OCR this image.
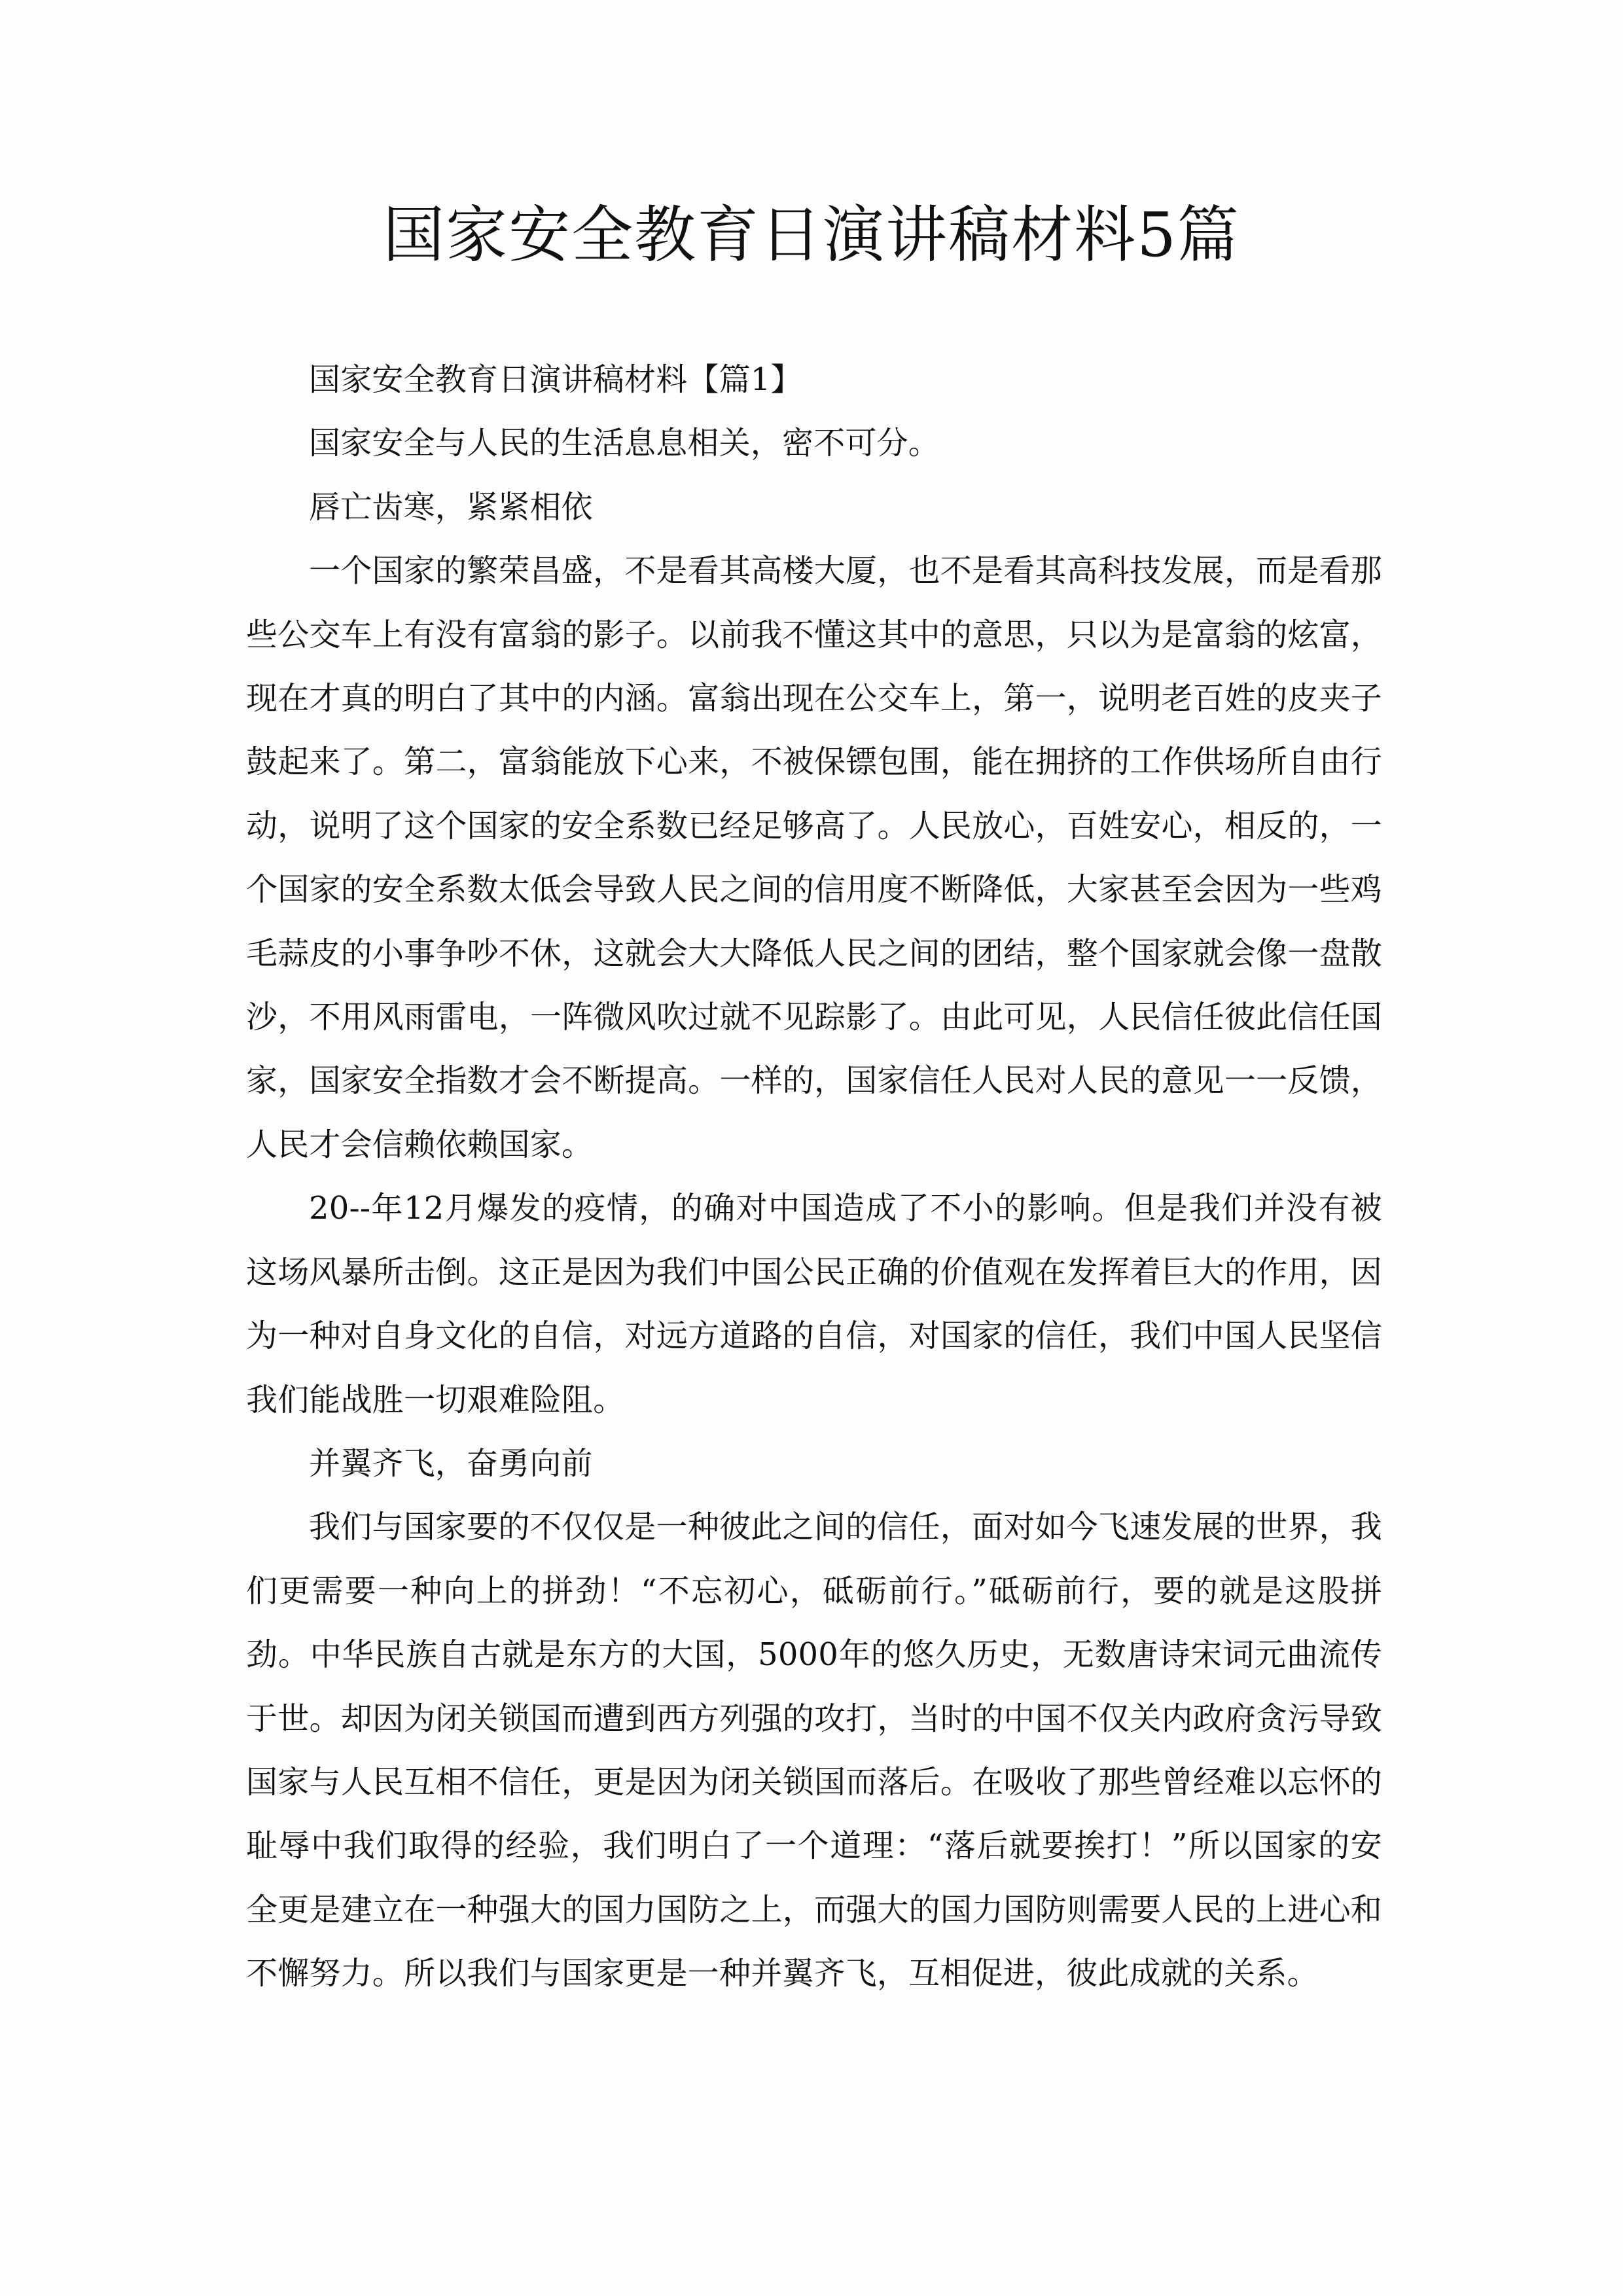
国家安全教育日演讲稿材料5篇

国家安全教育日演讲稿材料【篇1】

国家安全与人民的生活息息相关，密不可分。

唇亡齿寒，紧紧相依

一个国家的繁荣昌盛，不是看其高楼大厦，也不是看其高科技发展，而是看那些公交车上有没有富翁的影子。以前我不懂这其中的意思，只以为是富翁的炫富，现在才真的明白了其中的内涵。富翁出现在公交车上，第一，说明老百姓的皮夹子鼓起来了。第二，富翁能放下心来，不被保镖包围，能在拥挤的工作供场所自由行动，说明了这个国家的安全系数已经足够高了。人民放心，百姓安心，相反的，一个国家的安全系数太低会导致人民之间的信用度不断降低，大家甚至会因为一些鸡毛蒜皮的小事争吵不休，这就会大大降低人民之间的团结，整个国家就会像一盘散沙，不用风雨雷电，一阵微风吹过就不见踪影了。由此可见，人民信任彼此信任国家，国家安全指数才会不断提高。一样的，国家信任人民对人民的意见一一反馈，人民才会信赖依赖国家。

20--年12月爆发的疫情，的确对中国造成了不小的影响。但是我们并没有被这场风暴所击倒。这正是因为我们中国公民正确的价值观在发挥着巨大的作用，因为一种对自身文化的自信，对远方道路的自信，对国家的信任，我们中国人民坚信我们能战胜一切艰难险阻。

并翼齐飞，奋勇向前

我们与国家要的不仅仅是一种彼此之间的信任，面对如今飞速发展的世界，我们更需要一种向上的拼劲！“不忘初心，砥砺前行。”砥砺前行，要的就是这股拼劲。中华民族自古就是东方的大国，5000年的悠久历史，无数唐诗宋词元曲流传于世。却因为闭关锁国而遭到西方列强的攻打，当时的中国不仅关内政府贪污导致国家与人民互相不信任，更是因为闭关锁国而落后。在吸收了那些曾经难以忘怀的耻辱中我们取得的经验，我们明白了一个道理：“落后就要挨打！”所以国家的安全更是建立在一种强大的国力国防之上，而强大的国力国防则需要人民的上进心和不懈努力。所以我们与国家更是一种并翼齐飞，互相促进，彼此成就的关系。
